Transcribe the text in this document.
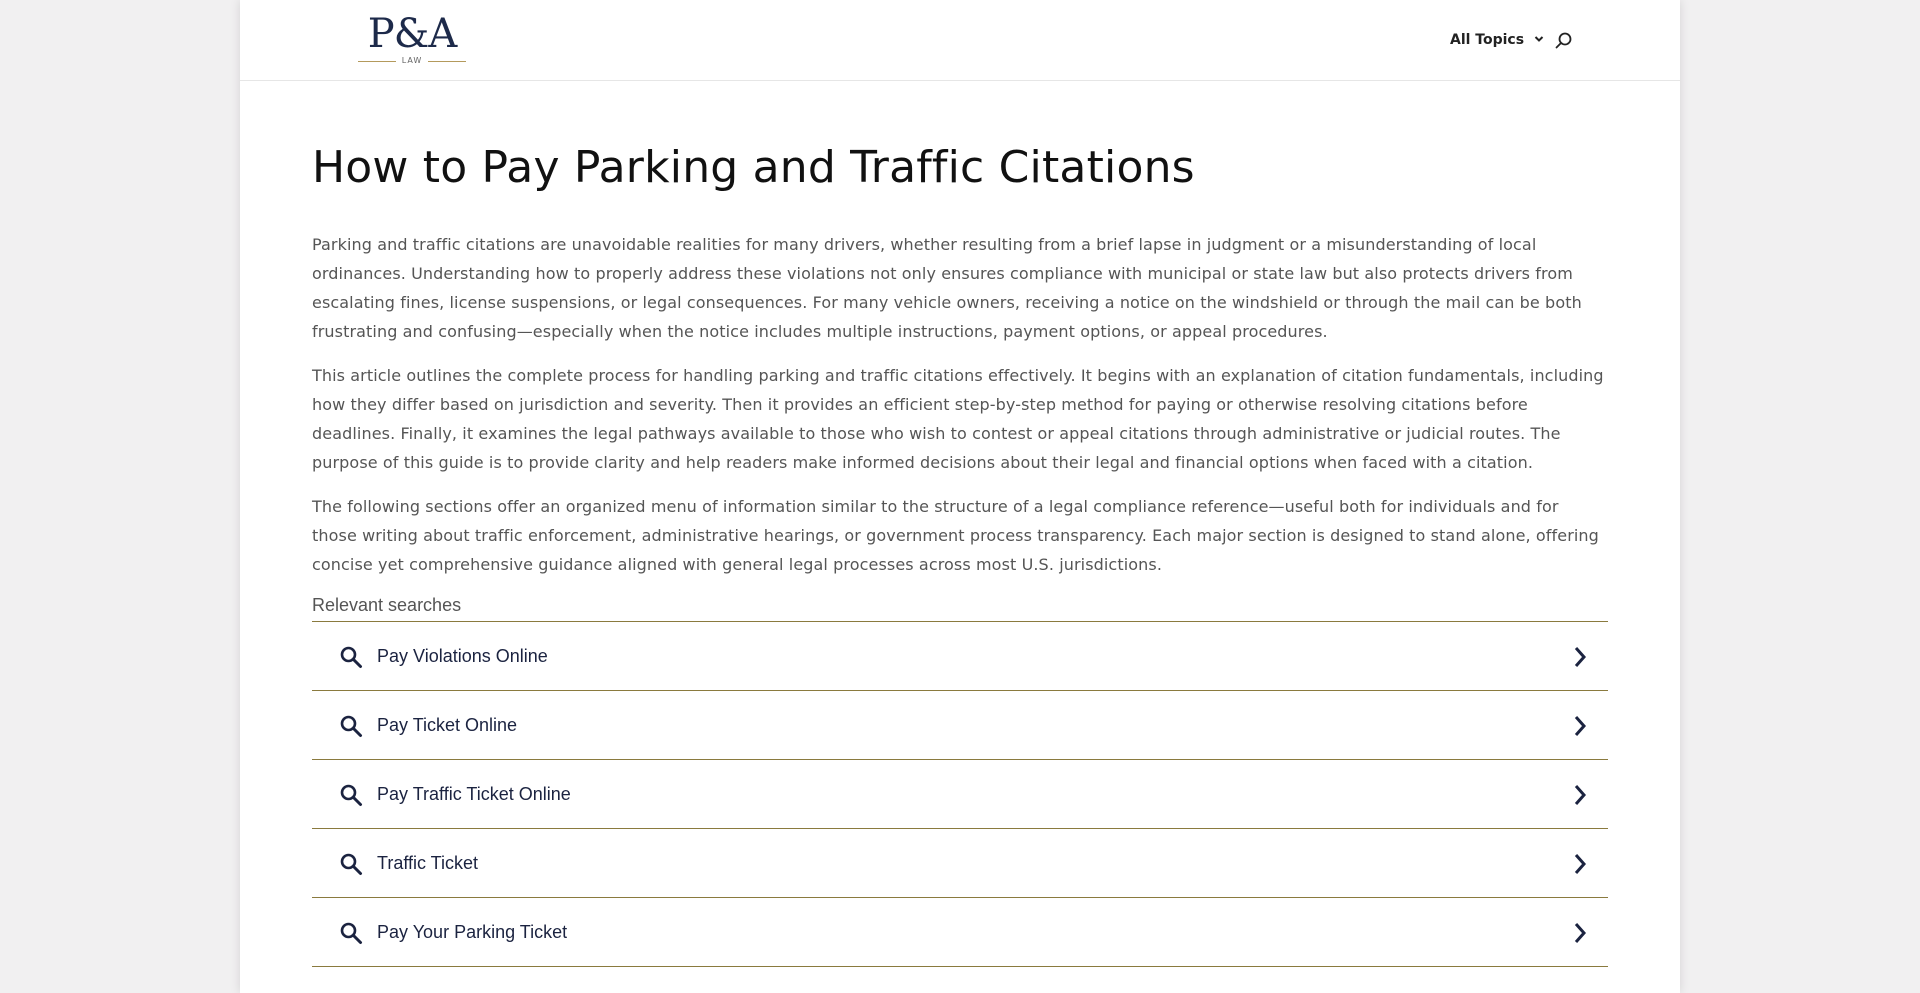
P&A
LAW
All Topics
How to Pay Parking and Traffic Citations

Parking and traffic citations are unavoidable realities for many drivers, whether resulting from a brief lapse in judgment or a misunderstanding of local ordinances. Understanding how to properly address these violations not only ensures compliance with municipal or state law but also protects drivers from escalating fines, license suspensions, or legal consequences. For many vehicle owners, receiving a notice on the windshield or through the mail can be both frustrating and confusing—especially when the notice includes multiple instructions, payment options, or appeal procedures.

This article outlines the complete process for handling parking and traffic citations effectively. It begins with an explanation of citation fundamentals, including how they differ based on jurisdiction and severity. Then it provides an efficient step-by-step method for paying or otherwise resolving citations before deadlines. Finally, it examines the legal pathways available to those who wish to contest or appeal citations through administrative or judicial routes. The purpose of this guide is to provide clarity and help readers make informed decisions about their legal and financial options when faced with a citation.

The following sections offer an organized menu of information similar to the structure of a legal compliance reference—useful both for individuals and for those writing about traffic enforcement, administrative hearings, or government process transparency. Each major section is designed to stand alone, offering concise yet comprehensive guidance aligned with general legal processes across most U.S. jurisdictions.

Relevant searches
Pay Violations Online
Pay Ticket Online
Pay Traffic Ticket Online
Traffic Ticket
Pay Your Parking Ticket
